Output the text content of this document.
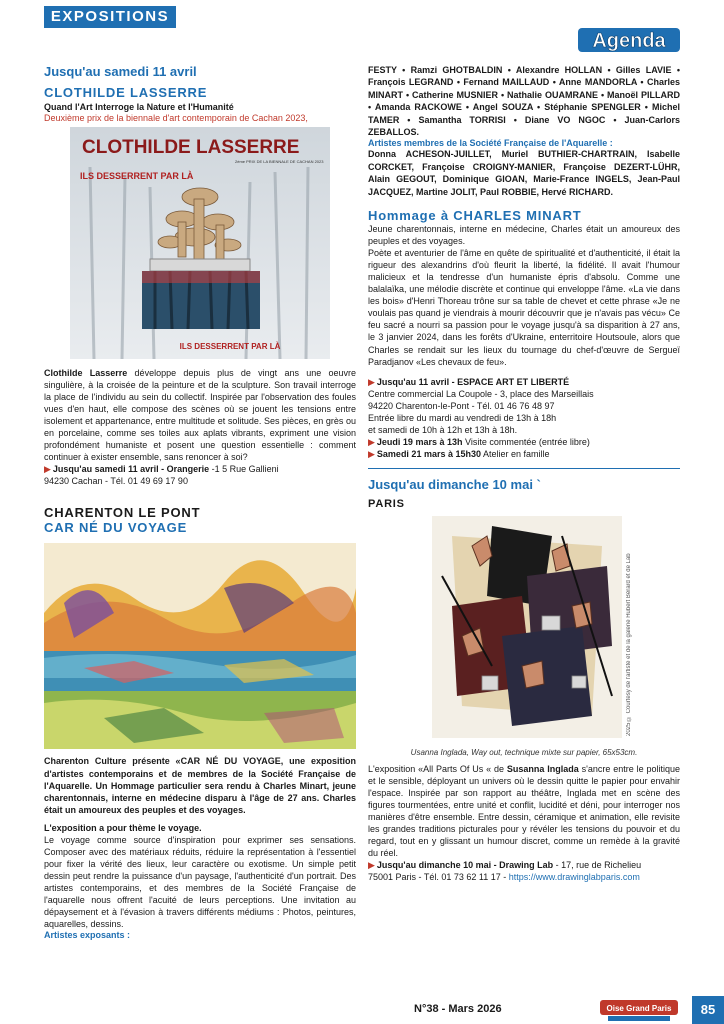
EXPOSITIONS
Agenda

Jusqu'au samedi 11 avril

CLOTHILDE LASSERRE

Quand l'Art Interroge la Nature et l'Humanité

Deuxième prix de la biennale d'art contemporain de Cachan 2023,

CLOTHILDE LASSERRE
2ème PRIX DE LA BIENNALE DE CACHAN 2023
ILS DESSERRENT PAR LÀ
ILS DESSERRENT PAR LÀ

Clothilde Lasserre développe depuis plus de vingt ans une oeuvre singulière, à la croisée de la peinture et de la sculpture. Son travail interroge la place de l'individu au sein du collectif. Inspirée par l'observation des foules vues d'en haut, elle compose des scènes où se jouent les tensions entre isolement et appartenance, entre multitude et solitude. Ses pièces, en grès ou en porcelaine, comme ses toiles aux aplats vibrants, expriment une vision profondément humaniste et posent une question essentielle : comment continuer à exister ensemble, sans renoncer à soi?

▶ Jusqu'au samedi 11 avril - Orangerie -1 5 Rue Gallieni

94230 Cachan - Tél. 01 49 69 17 90

CHARENTON LE PONT

CAR NÉ DU VOYAGE

Charenton Culture présente «CAR NÉ DU VOYAGE, une exposition d'artistes contemporains et de membres de la Société Française de l'Aquarelle. Un Hommage particulier sera rendu à Charles Minart, jeune charentonnais, interne en médecine disparu à l'âge de 27 ans. Charles était un amoureux des peuples et des voyages.

L'exposition a pour thème le voyage.

Le voyage comme source d'inspiration pour exprimer ses sensations. Composer avec des matériaux réduits, réduire la représentation à l'essentiel pour fixer la vérité des lieux, leur caractère ou exotisme. Un simple petit dessin peut rendre la puissance d'un paysage, l'authenticité d'un portrait. Des artistes contemporains, et des membres de la Société Française de l'aquarelle nous offrent l'acuité de leurs perceptions. Une invitation au dépaysement et à l'évasion à travers différents médiums : Photos, peintures, aquarelles, dessins.

Artistes exposants :

FESTY • Ramzi GHOTBALDIN • Alexandre HOLLAN • Gilles LAVIE • François LEGRAND • Fernand MAILLAUD • Anne MANDORLA • Charles MINART • Catherine MUSNIER • Nathalie OUAMRANE • Manoël PILLARD • Amanda RACKOWE • Angel SOUZA • Stéphanie SPENGLER • Michel TAMER • Samantha TORRISI • Diane VO NGOC • Juan-Carlors ZEBALLOS.

Artistes membres de la Société Française de l'Aquarelle :

Donna ACHESON-JUILLET, Muriel BUTHIER-CHARTRAIN, Isabelle CORCKET, Françoise CROIGNY-MANIER, Françoise DEZERT-LÜHR, Alain GEGOUT, Dominique GIOAN, Marie-France INGELS, Jean-Paul JACQUEZ, Martine JOLIT, Paul ROBBIE, Hervé RICHARD.

Hommage à CHARLES MINART

Jeune charentonnais, interne en médecine, Charles était un amoureux des peuples et des voyages.

Poète et aventurier de l'âme en quête de spiritualité et d'authenticité, il était la rigueur des alexandrins d'où fleurit la liberté, la fidélité. Il avait l'humour malicieux et la tendresse d'un humaniste épris d'absolu. Comme une balalaïka, une mélodie discrète et continue qui enveloppe l'âme. «La vie dans les bois» d'Henri Thoreau trône sur sa table de chevet et cette phrase «Je ne voulais pas quand je viendrais à mourir découvrir que je n'avais pas vécu» Ce feu sacré a nourri sa passion pour le voyage jusqu'à sa disparition à 27 ans, le 3 janvier 2024, dans les forêts d'Ukraine, enterritoire Houtsoule, alors que Charles se rendait sur les lieux du tournage du chef-d'œuvre de Sergueï Paradjanov «Les chevaux de feu».

▶ Jusqu'au 11 avril - ESPACE ART ET LIBERTÉ

Centre commercial La Coupole - 3, place des Marseillais

94220 Charenton-le-Pont - Tél. 01 46 76 48 97

Entrée libre du mardi au vendredi de 13h à 18h

et samedi de 10h à 12h et 13h à 18h.

▶ Jeudi 19 mars à 13h Visite commentée (entrée libre)

▶ Samedi 21 mars à 15h30 Atelier en famille

Jusqu'au dimanche 10 mai `

PARIS

2025 © Courtesy de l'artiste et de la galerie Hubert Bérard et de Lab

Usanna Inglada, Way out, technique mixte sur papier, 65x53cm.

L'exposition «All Parts Of Us « de Susanna Inglada s'ancre entre le politique et le sensible, déployant un univers où le dessin quitte le papier pour envahir l'espace. Inspirée par son rapport au théâtre, Inglada met en scène des figures tourmentées, entre unité et conflit, lucidité et déni, pour interroger nos manières d'être ensemble. Entre dessin, céramique et animation, elle revisite les grandes traditions picturales pour y révéler les tensions du pouvoir et du regard, tout en y glissant un humour discret, comme un remède à la gravité du réel.

▶ Jusqu'au dimanche 10 mai - Drawing Lab - 17, rue de Richelieu

75001 Paris - Tél. 01 73 62 11 17 - https://www.drawinglabparis.com

N°38 - Mars 2026	Oise Grand Paris	85
